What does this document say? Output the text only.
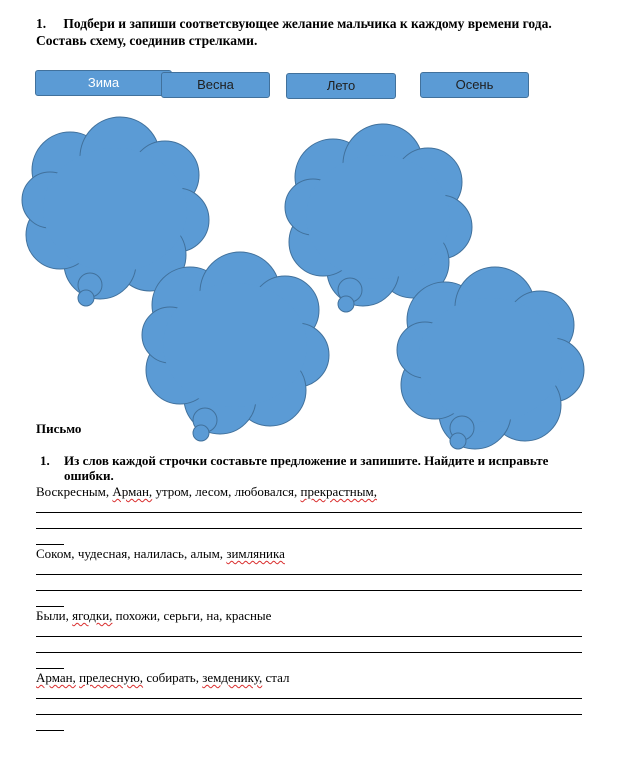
1. Подбери и запиши соответсвующее желание мальчика к каждому времени года. Составь схему, соединив стрелками.
Зима	Весна	Лето	Осень
Письмо
1. Из слов каждой строчки составьте предложение и запишите. Найдите и исправьте ошибки.
Воскресным, Арман, утром, лесом, любовался, прекрастным,
Соком, чудесная, налилась, алым, зимляника
Были, ягодки, похожи, серьги, на, красные
Арман, прелесную, собирать, земденику, стал
